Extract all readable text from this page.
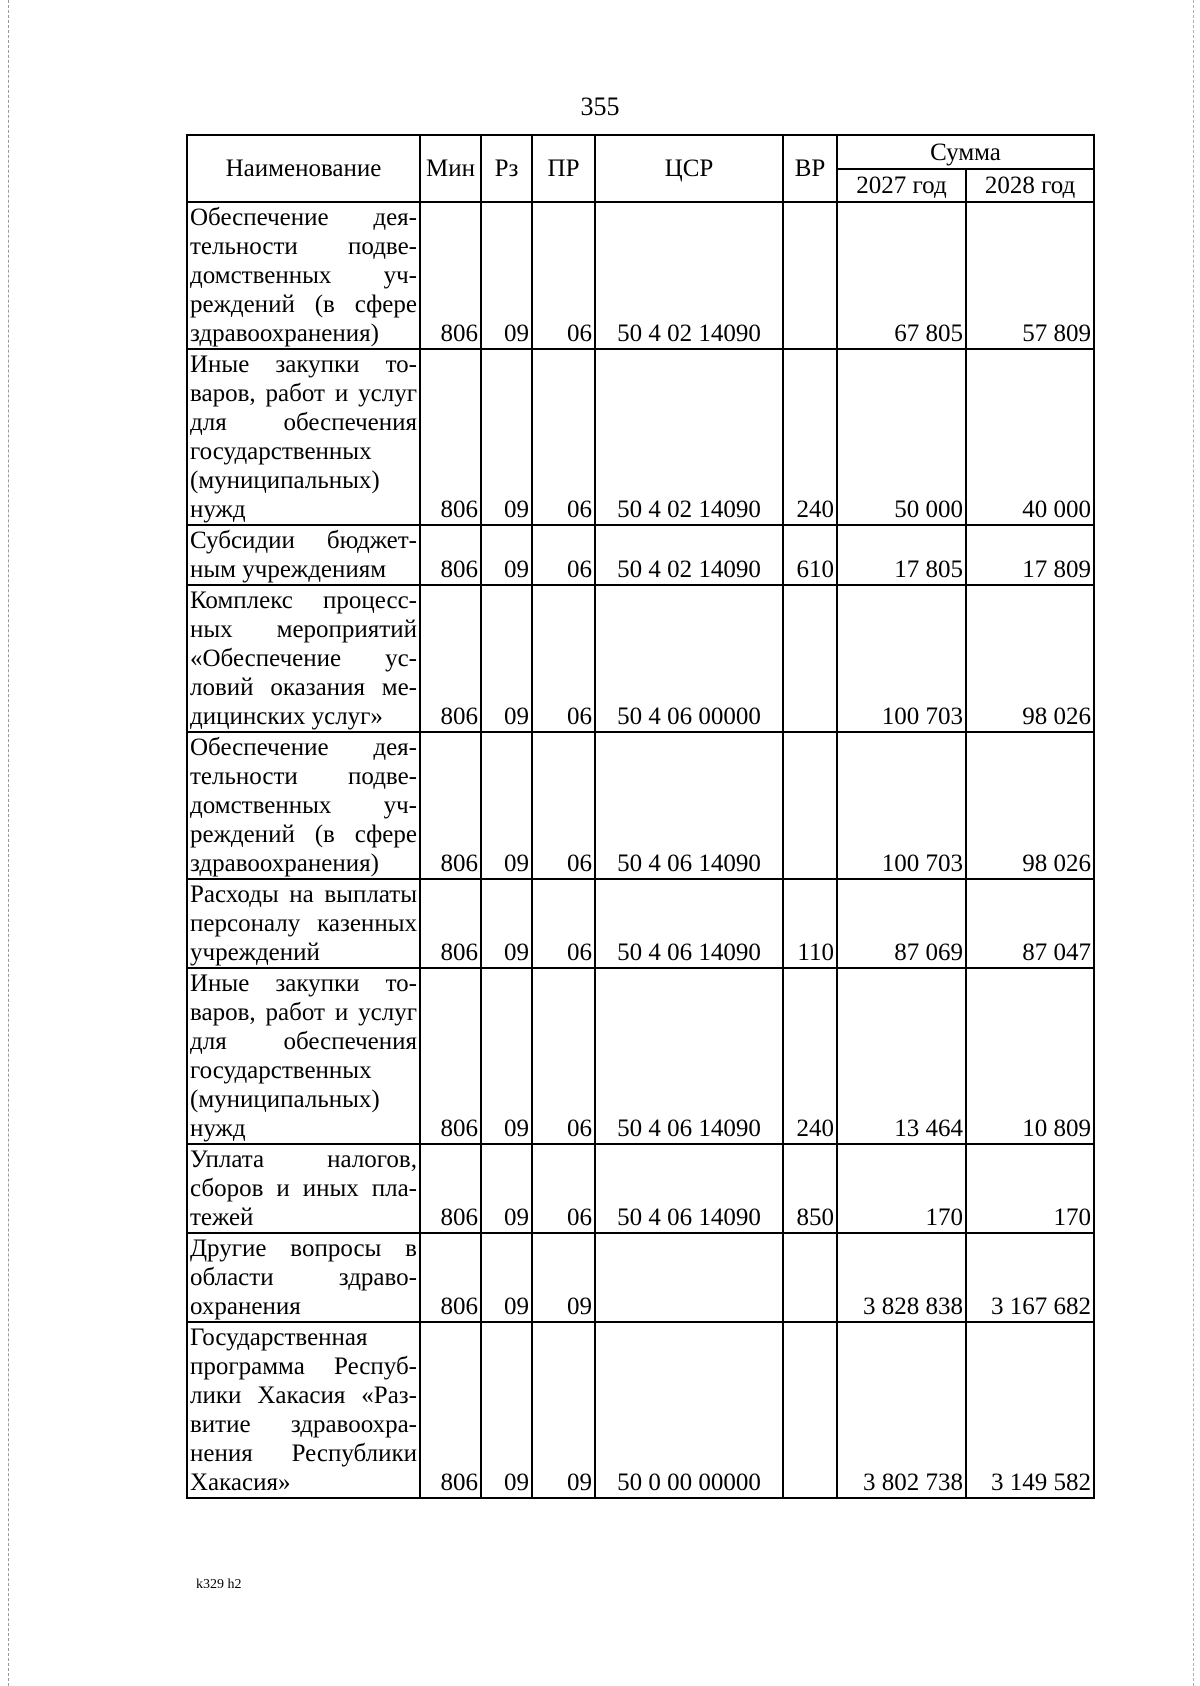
355
Наименование	Мин	Рз	ПР	ЦСР	ВР	Сумма	
						2027 год	2028 год
Обеспечение деятельности подведомственных учреждений (в сфере здравоохранения)	806	09	06	50 4 02 14090		67 805	57 809
Иные закупки товаров, работ и услуг для обеспечения государственных (муниципальных) нужд	806	09	06	50 4 02 14090	240	50 000	40 000
Субсидии бюджетным учреждениям	806	09	06	50 4 02 14090	610	17 805	17 809
Комплекс процессных мероприятий «Обеспечение условий оказания медицинских услуг»	806	09	06	50 4 06 00000		100 703	98 026
Обеспечение деятельности подведомственных учреждений (в сфере здравоохранения)	806	09	06	50 4 06 14090		100 703	98 026
Расходы на выплаты персоналу казенных учреждений	806	09	06	50 4 06 14090	110	87 069	87 047
Иные закупки товаров, работ и услуг для обеспечения государственных (муниципальных) нужд	806	09	06	50 4 06 14090	240	13 464	10 809
Уплата налогов, сборов и иных платежей	806	09	06	50 4 06 14090	850	170	170
Другие вопросы в области здравоохранения	806	09	09			3 828 838	3 167 682
Государственная программа Республики Хакасия «Развитие здравоохранения Республики Хакасия»	806	09	09	50 0 00 00000		3 802 738	3 149 582
k329 h2
